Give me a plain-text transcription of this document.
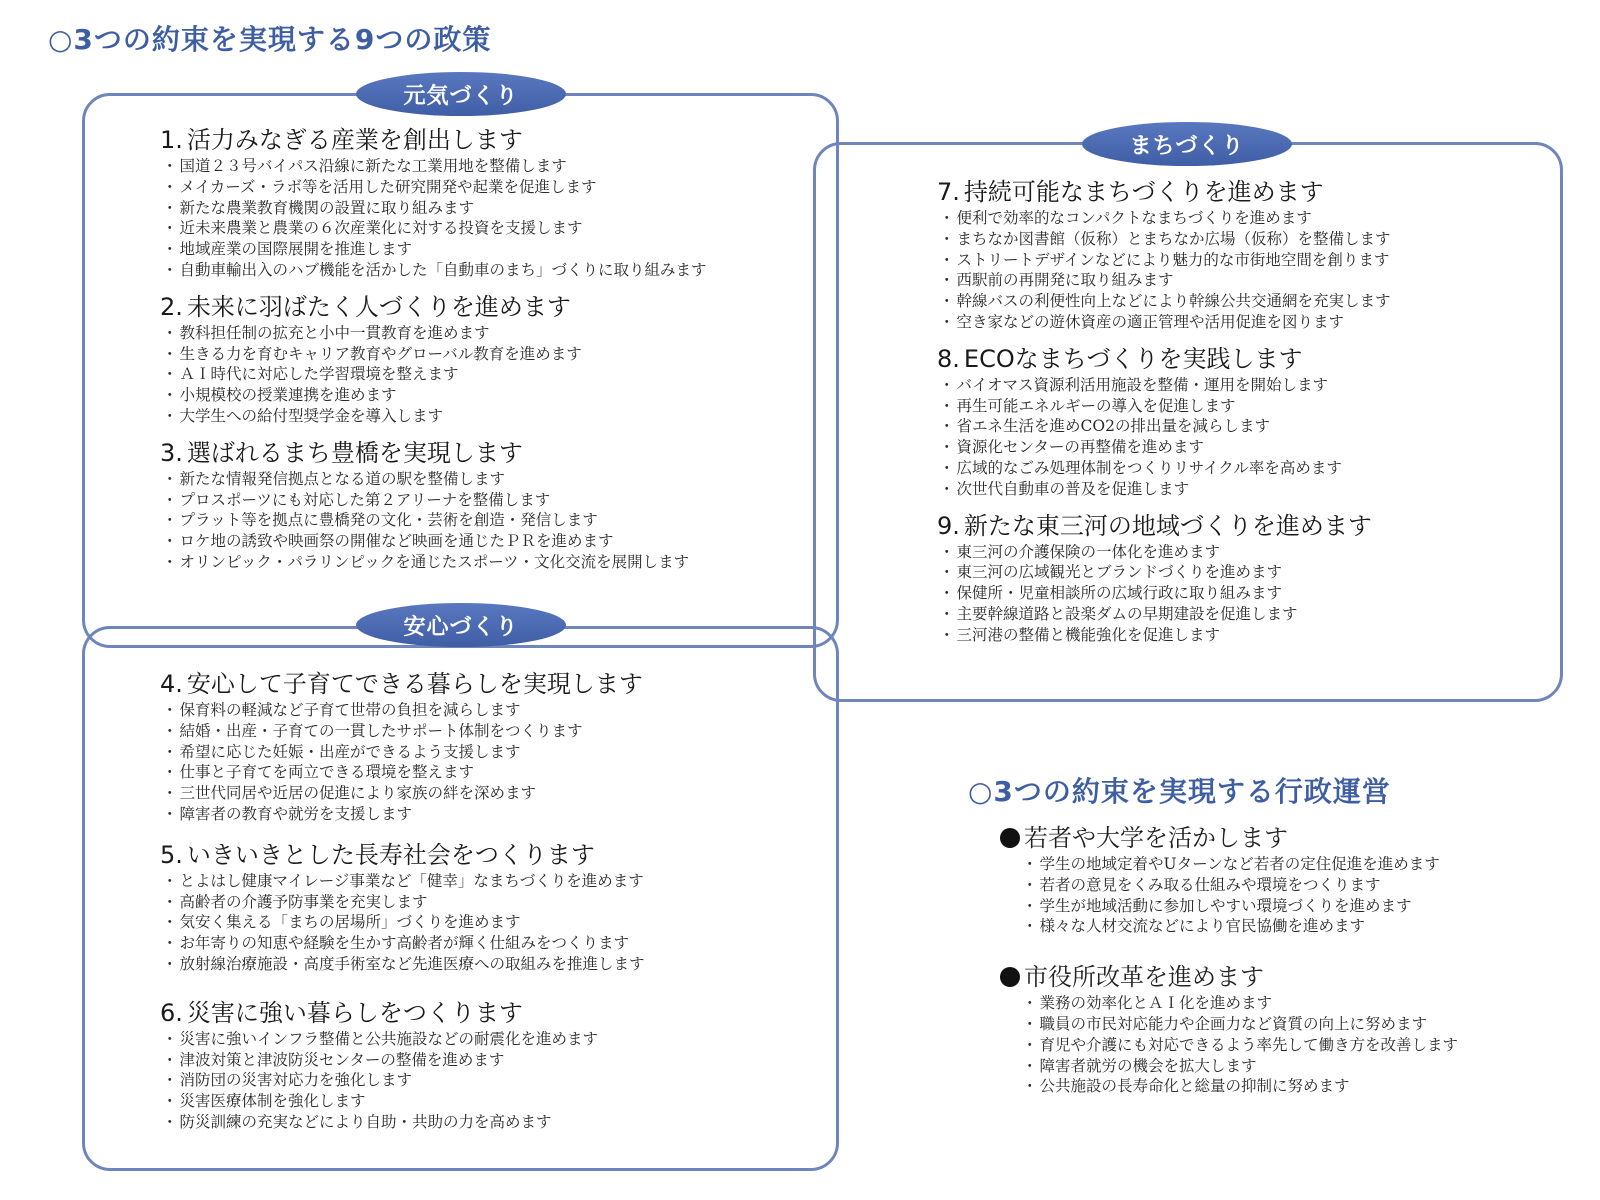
○3つの約束を実現する9つの政策
元気づくり
安心づくり
まちづくり
1. 活力みなぎる産業を創出します
・ 国道２３号バイパス沿線に新たな工業用地を整備します
・ メイカーズ・ラボ等を活用した研究開発や起業を促進します
・ 新たな農業教育機関の設置に取り組みます
・ 近未来農業と農業の６次産業化に対する投資を支援します
・ 地域産業の国際展開を推進します
・ 自動車輸出入のハブ機能を活かした「自動車のまち」づくりに取り組みます
2. 未来に羽ばたく人づくりを進めます
・ 教科担任制の拡充と小中一貫教育を進めます
・ 生きる力を育むキャリア教育やグローバル教育を進めます
・ ＡＩ時代に対応した学習環境を整えます
・ 小規模校の授業連携を進めます
・ 大学生への給付型奨学金を導入します
3. 選ばれるまち豊橋を実現します
・ 新たな情報発信拠点となる道の駅を整備します
・ プロスポーツにも対応した第２アリーナを整備します
・ プラット等を拠点に豊橋発の文化・芸術を創造・発信します
・ ロケ地の誘致や映画祭の開催など映画を通じたＰＲを進めます
・ オリンピック・パラリンピックを通じたスポーツ・文化交流を展開します
4. 安心して子育てできる暮らしを実現します
・ 保育料の軽減など子育て世帯の負担を減らします
・ 結婚・出産・子育ての一貫したサポート体制をつくります
・ 希望に応じた妊娠・出産ができるよう支援します
・ 仕事と子育てを両立できる環境を整えます
・ 三世代同居や近居の促進により家族の絆を深めます
・ 障害者の教育や就労を支援します
5. いきいきとした長寿社会をつくります
・ とよはし健康マイレージ事業など「健幸」なまちづくりを進めます
・ 高齢者の介護予防事業を充実します
・ 気安く集える「まちの居場所」づくりを進めます
・ お年寄りの知恵や経験を生かす高齢者が輝く仕組みをつくります
・ 放射線治療施設・高度手術室など先進医療への取組みを推進します
6. 災害に強い暮らしをつくります
・ 災害に強いインフラ整備と公共施設などの耐震化を進めます
・ 津波対策と津波防災センターの整備を進めます
・ 消防団の災害対応力を強化します
・ 災害医療体制を強化します
・ 防災訓練の充実などにより自助・共助の力を高めます
7. 持続可能なまちづくりを進めます
・ 便利で効率的なコンパクトなまちづくりを進めます
・ まちなか図書館（仮称）とまちなか広場（仮称）を整備します
・ ストリートデザインなどにより魅力的な市街地空間を創ります
・ 西駅前の再開発に取り組みます
・ 幹線バスの利便性向上などにより幹線公共交通網を充実します
・ 空き家などの遊休資産の適正管理や活用促進を図ります
8. ECOなまちづくりを実践します
・ バイオマス資源利活用施設を整備・運用を開始します
・ 再生可能エネルギーの導入を促進します
・ 省エネ生活を進めCO2の排出量を減らします
・ 資源化センターの再整備を進めます
・ 広域的なごみ処理体制をつくりリサイクル率を高めます
・ 次世代自動車の普及を促進します
9. 新たな東三河の地域づくりを進めます
・ 東三河の介護保険の一体化を進めます
・ 東三河の広域観光とブランドづくりを進めます
・ 保健所・児童相談所の広域行政に取り組みます
・ 主要幹線道路と設楽ダムの早期建設を促進します
・ 三河港の整備と機能強化を促進します
○3つの約束を実現する行政運営
若者や大学を活かします
・ 学生の地域定着やUターンなど若者の定住促進を進めます
・ 若者の意見をくみ取る仕組みや環境をつくります
・ 学生が地域活動に参加しやすい環境づくりを進めます
・ 様々な人材交流などにより官民協働を進めます
市役所改革を進めます
・ 業務の効率化とＡＩ化を進めます
・ 職員の市民対応能力や企画力など資質の向上に努めます
・ 育児や介護にも対応できるよう率先して働き方を改善します
・ 障害者就労の機会を拡大します
・ 公共施設の長寿命化と総量の抑制に努めます
